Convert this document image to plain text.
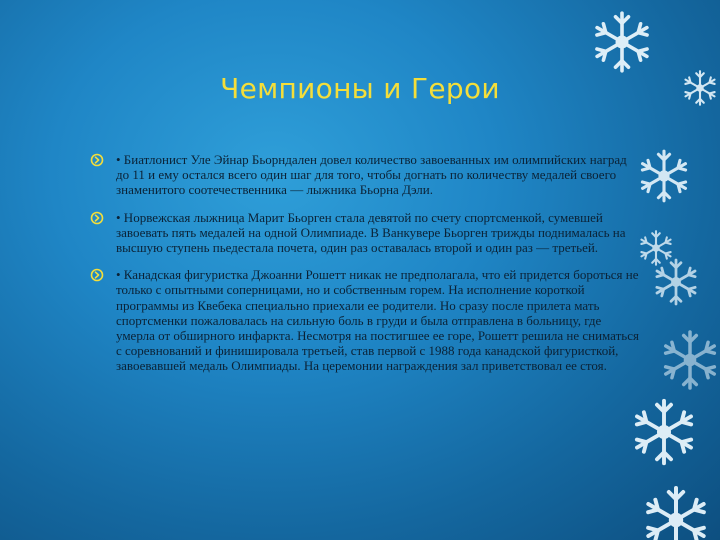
Чемпионы и Герои
• Биатлонист Уле Эйнар Бьорндален довел количество завоеванных им олимпийских наград до 11 и ему остался всего один шаг для того, чтобы догнать по количеству медалей своего знаменитого соотечественника — лыжника Бьорна Дэли.
• Норвежская лыжница Марит Бьорген стала девятой по счету спортсменкой, сумевшей завоевать пять медалей на одной Олимпиаде. В Ванкувере Бьорген трижды поднималась на высшую ступень пьедестала почета, один раз оставалась второй и один раз — третьей.
• Канадская фигуристка Джоанни Рошетт никак не предполагала, что ей придется бороться не только с опытными соперницами, но и собственным горем. На исполнение короткой программы из Квебека специально приехали ее родители. Но сразу после прилета мать спортсменки пожаловалась на сильную боль в груди и была отправлена в больницу, где умерла от обширного инфаркта. Несмотря на постигшее ее горе, Рошетт решила не сниматься с соревнований и финишировала третьей, став первой с 1988 года канадской фигуристкой, завоевавшей медаль Олимпиады. На церемонии награждения зал приветствовал ее стоя.
